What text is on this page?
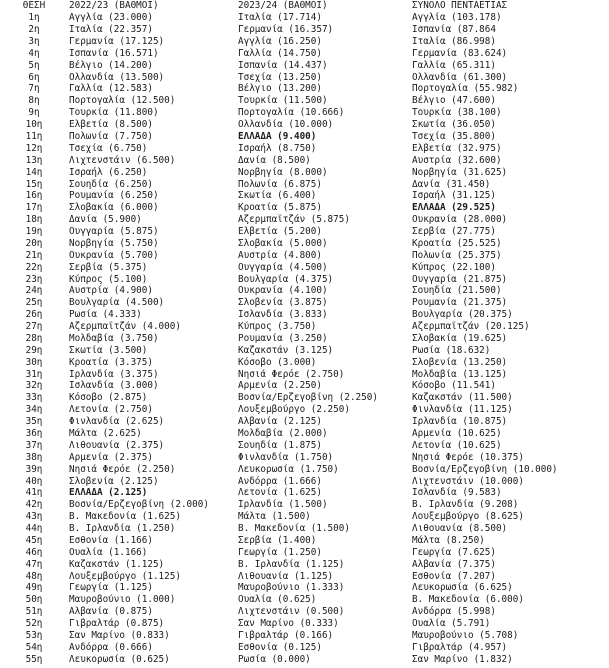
ΘΕΣΗ	2022/23 (ΒΑΘΜΟΙ)	2023/24 (ΒΑΘΜΟΙ)	ΣΥΝΟΛΟ ΠΕΝΤΑΕΤΙΑΣ
1η	Αγγλία (23.000)	Ιταλία (17.714)	Αγγλία (103.178)
2η	Ιταλία (22.357)	Γερμανία (16.357)	Ισπανία (87.864
3η	Γερμανία (17.125)	Αγγλία (16.250)	Ιταλία (86.998)
4η	Ισπανία (16.571)	Γαλλία (14.750)	Γερμανία (83.624)
5η	Βέλγιο (14.200)	Ισπανία (14.437)	Γαλλία (65.311)
6η	Ολλανδία (13.500)	Τσεχία (13.250)	Ολλανδία (61.300)
7η	Γαλλία (12.583)	Βέλγιο (13.200)	Πορτογαλία (55.982)
8η	Πορτογαλία (12.500)	Τουρκία (11.500)	Βέλγιο (47.600)
9η	Τουρκία (11.800)	Πορτογαλία (10.666)	Τουρκία (38.100)
10η	Ελβετία (8.500)	Ολλανδία (10.000)	Σκωτία (36.050)
11η	Πολωνία (7.750)	ΕΛΛΑΔΑ (9.400)	Τσεχία (35.800)
12η	Τσεχία (6.750)	Ισραήλ (8.750)	Ελβετία (32.975)
13η	Λιχτενστάιν (6.500)	Δανία (8.500)	Αυστρία (32.600)
14η	Ισραήλ (6.250)	Νορβηγία (8.000)	Νορβηγία (31.625)
15η	Σουηδία (6.250)	Πολωνία (6.875)	Δανία (31.450)
16η	Ρουμανία (6.250)	Σκωτία (6.400)	Ισραήλ (31.125)
17η	Σλοβακία (6.000)	Κροατία (5.875)	ΕΛΛΑΔΑ (29.525)
18η	Δανία (5.900)	Αζερμπαϊτζάν (5.875)	Ουκρανία (28.000)
19η	Ουγγαρία (5.875)	Ελβετία (5.200)	Σερβία (27.775)
20η	Νορβηγία (5.750)	Σλοβακία (5.000)	Κροατία (25.525)
21η	Ουκρανία (5.700)	Αυστρία (4.800)	Πολωνία (25.375)
22η	Σερβία (5.375)	Ουγγαρία (4.500)	Κύπρος (22.100)
23η	Κύπρος (5.100)	Βουλγαρία (4.375)	Ουγγαρία (21.875)
24η	Αυστρία (4.900)	Ουκρανία (4.100)	Σουηδία (21.500)
25η	Βουλγαρία (4.500)	Σλοβενία (3.875)	Ρουμανία (21.375)
26η	Ρωσία (4.333)	Ισλανδία (3.833)	Βουλγαρία (20.375)
27η	Αζερμπαϊτζάν (4.000)	Κύπρος (3.750)	Αζερμπαϊτζάν (20.125)
28η	Μολδαβία (3.750)	Ρουμανία (3.250)	Σλοβακία (19.625)
29η	Σκωτία (3.500)	Καζακστάν (3.125)	Ρωσία (18.632)
30η	Κροατία (3.375)	Κόσοβο (3.000)	Σλοβενία (13.250)
31η	Ιρλανδία (3.375)	Νησιά Φερόε (2.750)	Μολδαβία (13.125)
32η	Ισλανδία (3.000)	Αρμενία (2.250)	Κόσοβο (11.541)
33η	Κόσοβο (2.875)	Βοσνία/Ερζεγοβίνη (2.250)	Καζακστάν (11.500)
34η	Λετονία (2.750)	Λουξεμβούργο (2.250)	Φινλανδία (11.125)
35η	Φινλανδία (2.625)	Αλβανία (2.125)	Ιρλανδία (10.875)
36η	Μάλτα (2.625)	Μολδαβία (2.000)	Αρμενία (10.625)
37η	Λιθουανία (2.375)	Σουηδία (1.875)	Λετονία (10.625)
38η	Αρμενία (2.375)	Φινλανδία (1.750)	Νησιά Φερόε (10.375)
39η	Νησιά Φερόε (2.250)	Λευκορωσία (1.750)	Βοσνία/Ερζεγοβίνη (10.000)
40η	Σλοβενία (2.125)	Ανδόρρα (1.666)	Λιχτενστάιν (10.000)
41η	ΕΛΛΑΔΑ (2.125)	Λετονία (1.625)	Ισλανδία (9.583)
42η	Βοσνία/Ερζεγοβίνη (2.000)	Ιρλανδία (1.500)	Β. Ιρλανδία (9.208)
43η	Β. Μακεδονία (1.625)	Μάλτα (1.500)	Λουξεμβούργο (8.625)
44η	Β. Ιρλανδία (1.250)	Β. Μακεδονία (1.500)	Λιθουανία (8.500)
45η	Εσθονία (1.166)	Σερβία (1.400)	Μάλτα (8.250)
46η	Ουαλία (1.166)	Γεωργία (1.250)	Γεωργία (7.625)
47η	Καζακστάν (1.125)	Β. Ιρλανδία (1.125)	Αλβανία (7.375)
48η	Λουξεμβούργο (1.125)	Λιθουανία (1.125)	Εσθονία (7.207)
49η	Γεωργία (1.125)	Μαυροβούνιο (1.333)	Λευκορωσία (6.625)
50η	Μαυροβούνιο (1.000)	Ουαλία (0.625)	Β. Μακεδονία (6.000)
51η	Αλβανία (0.875)	Λιχτενστάιν (0.500)	Ανδόρρα (5.998)
52η	Γιβραλτάρ (0.875)	Σαν Μαρίνο (0.333)	Ουαλία (5.791)
53η	Σαν Μαρίνο (0.833)	Γιβραλτάρ (0.166)	Μαυροβούνιο (5.708)
54η	Ανδόρρα (0.666)	Εσθονία (0.125)	Γιβραλτάρ (4.957)
55η	Λευκορωσία (0.625)	Ρωσία (0.000)	Σαν Μαρίνο (1.832)
